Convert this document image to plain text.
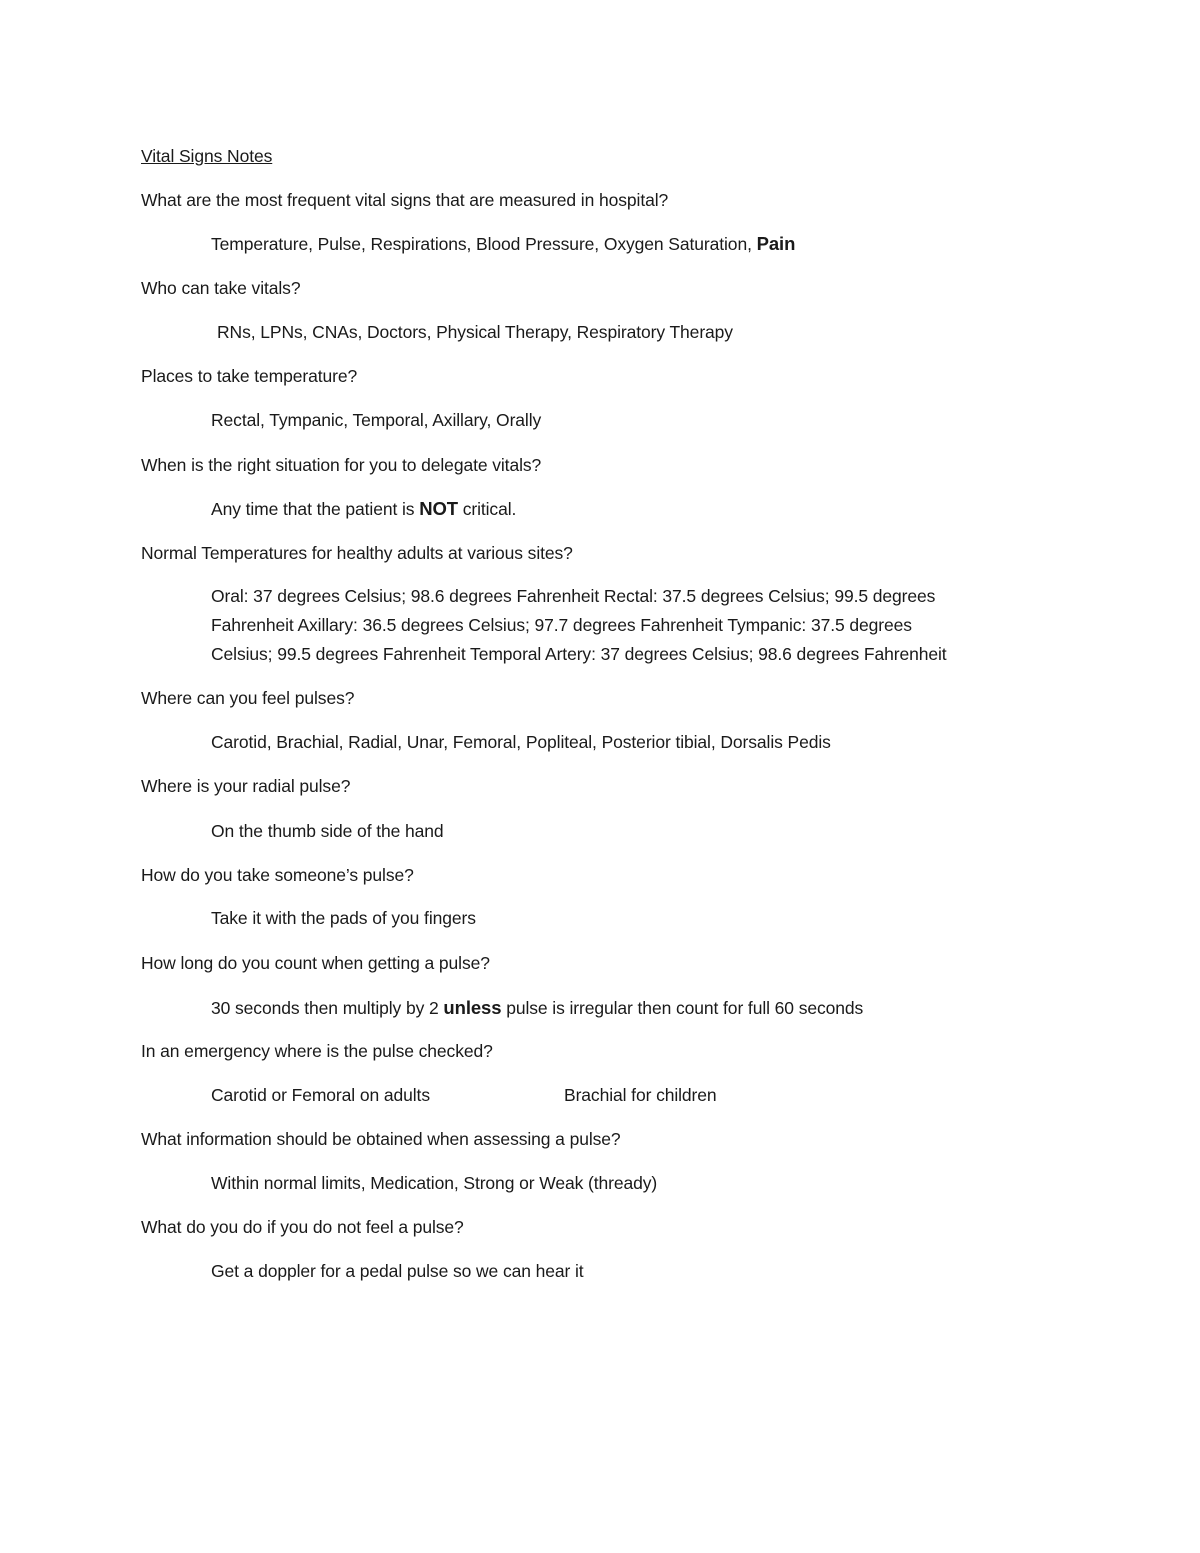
Vital Signs Notes
What are the most frequent vital signs that are measured in hospital?
Temperature, Pulse, Respirations, Blood Pressure, Oxygen Saturation, Pain
Who can take vitals?
RNs, LPNs, CNAs, Doctors, Physical Therapy, Respiratory Therapy
Places to take temperature?
Rectal, Tympanic, Temporal, Axillary, Orally
When is the right situation for you to delegate vitals?
Any time that the patient is NOT critical.
Normal Temperatures for healthy adults at various sites?
Oral: 37 degrees Celsius; 98.6 degrees Fahrenheit Rectal: 37.5 degrees Celsius; 99.5 degrees
Fahrenheit Axillary: 36.5 degrees Celsius; 97.7 degrees Fahrenheit Tympanic: 37.5 degrees
Celsius; 99.5 degrees Fahrenheit Temporal Artery: 37 degrees Celsius; 98.6 degrees Fahrenheit
Where can you feel pulses?
Carotid, Brachial, Radial, Unar, Femoral, Popliteal, Posterior tibial, Dorsalis Pedis
Where is your radial pulse?
On the thumb side of the hand
How do you take someone’s pulse?
Take it with the pads of you fingers
How long do you count when getting a pulse?
30 seconds then multiply by 2 unless pulse is irregular then count for full 60 seconds
In an emergency where is the pulse checked?
Carotid or Femoral on adults	Brachial for children
What information should be obtained when assessing a pulse?
Within normal limits, Medication, Strong or Weak (thready)
What do you do if you do not feel a pulse?
Get a doppler for a pedal pulse so we can hear it
